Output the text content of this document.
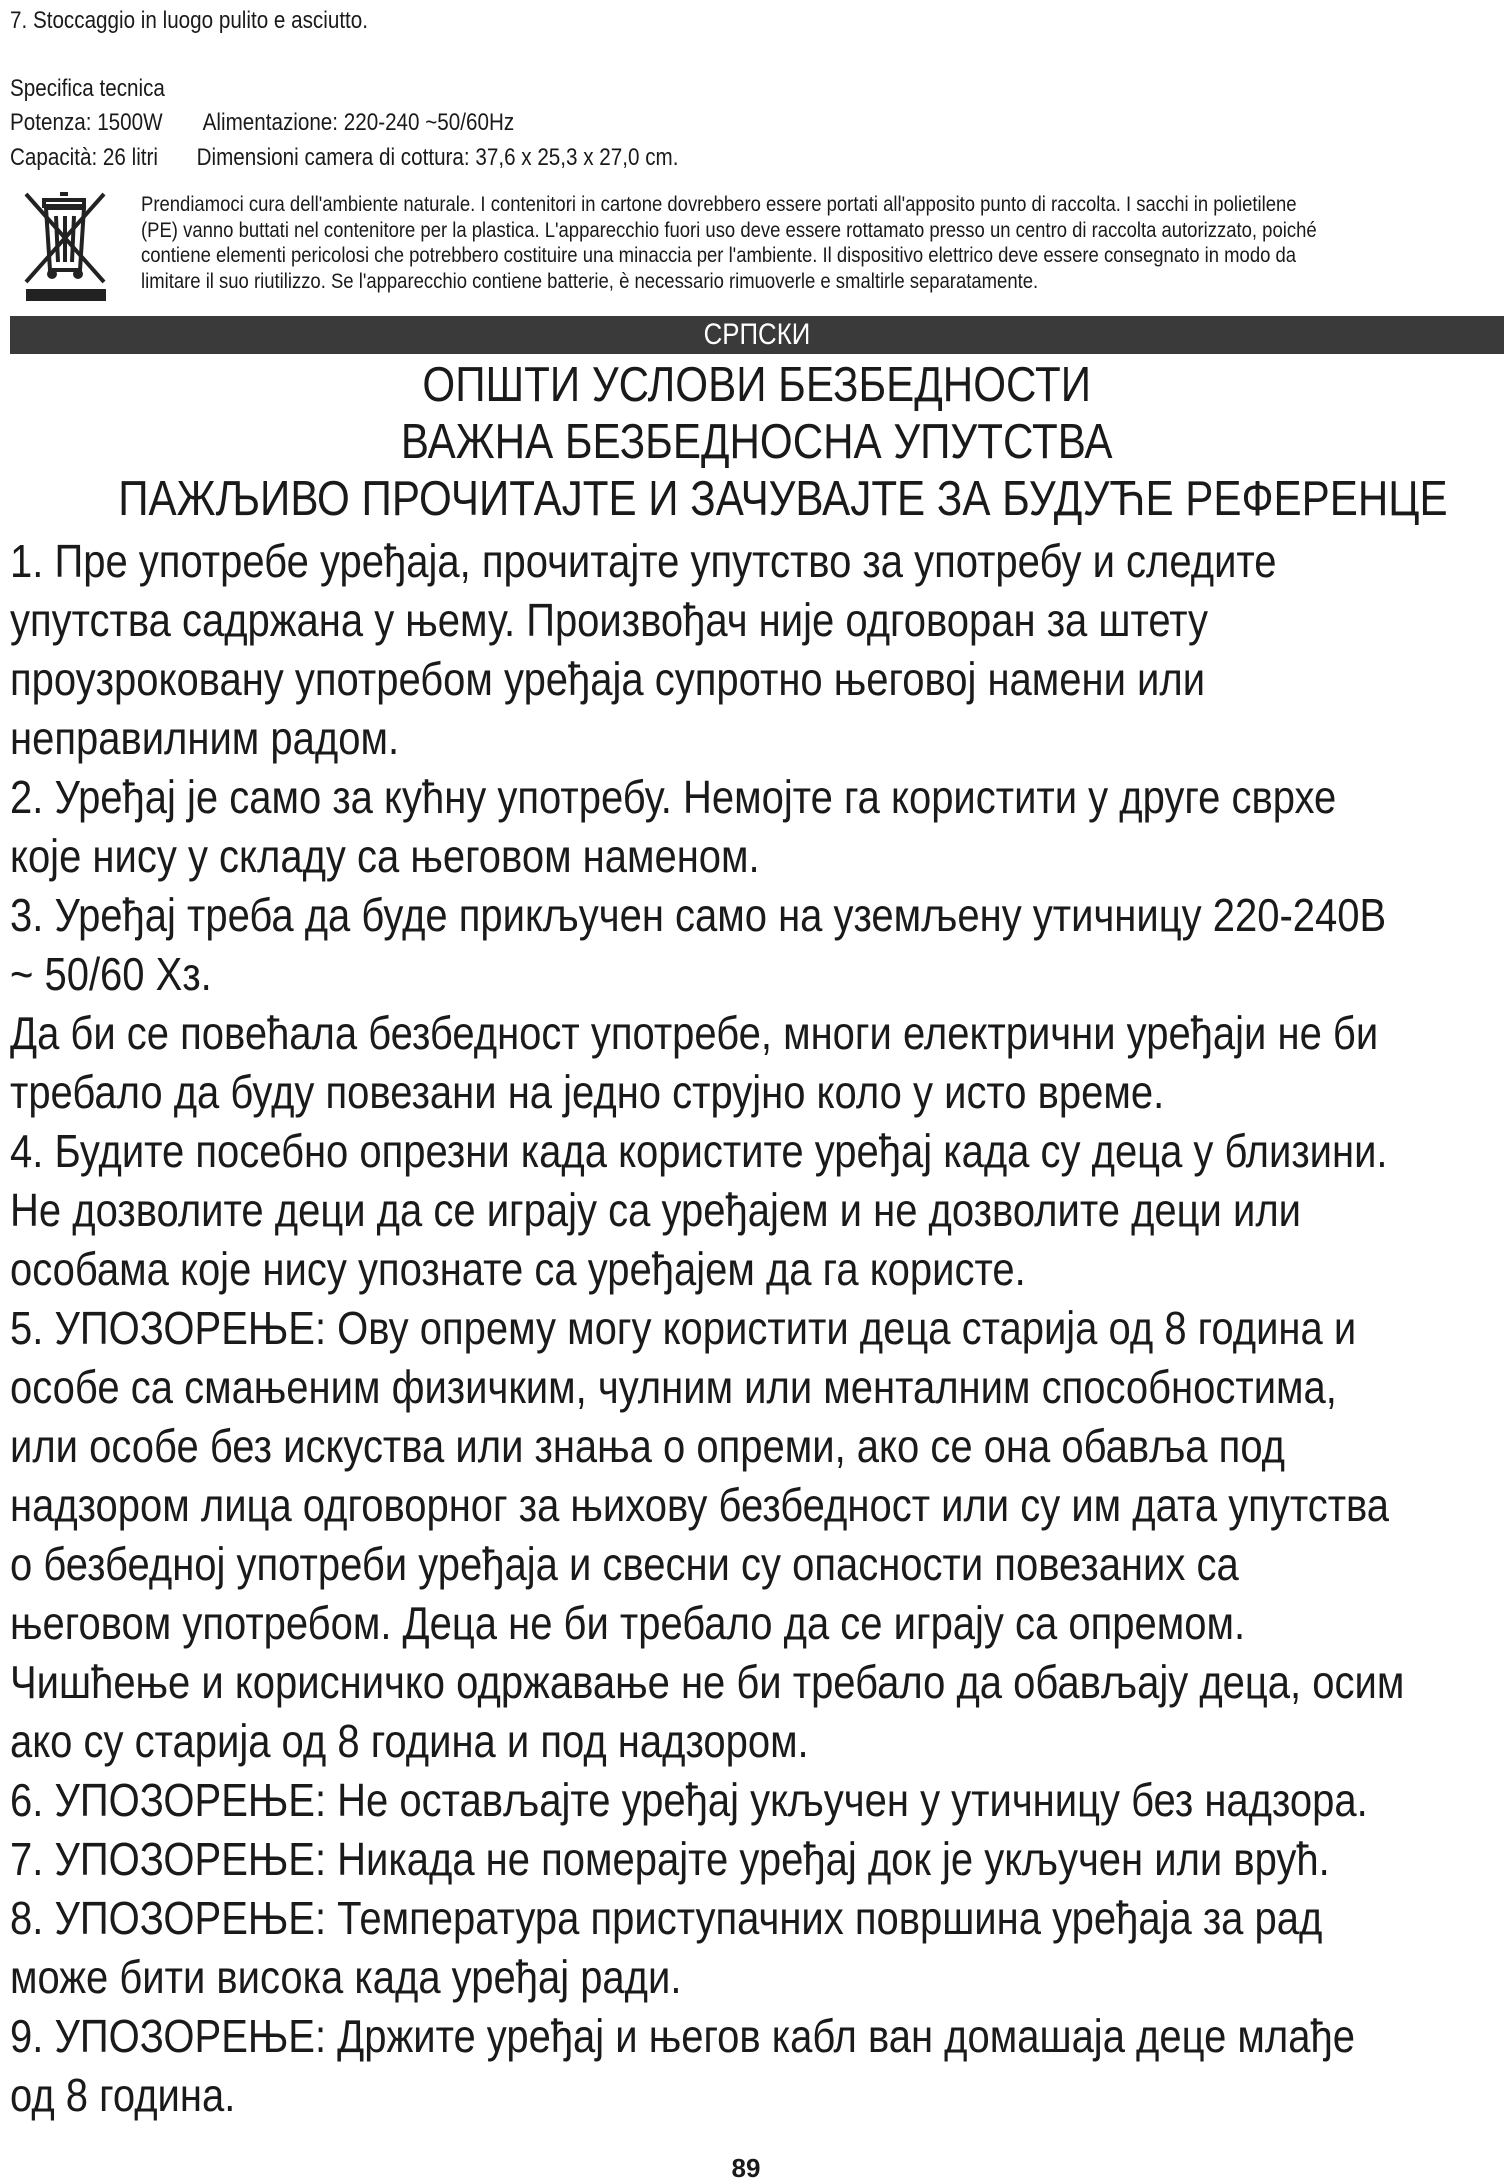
7. Stoccaggio in luogo pulito e asciutto.
Specifica tecnica
Potenza: 1500W Alimentazione: 220-240 ~50/60Hz
Capacità: 26 litri Dimensioni camera di cottura: 37,6 x 25,3 x 27,0 cm.
Prendiamoci cura dell'ambiente naturale. I contenitori in cartone dovrebbero essere portati all'apposito punto di raccolta. I sacchi in polietilene
(PE) vanno buttati nel contenitore per la plastica. L'apparecchio fuori uso deve essere rottamato presso un centro di raccolta autorizzato, poiché
contiene elementi pericolosi che potrebbero costituire una minaccia per l'ambiente. Il dispositivo elettrico deve essere consegnato in modo da
limitare il suo riutilizzo. Se l'apparecchio contiene batterie, è necessario rimuoverle e smaltirle separatamente.
СРПСКИ
ОПШТИ УСЛОВИ БЕЗБЕДНОСТИ
ВАЖНА БЕЗБЕДНОСНА УПУТСТВА
ПАЖЉИВО ПРОЧИТАЈТЕ И ЗАЧУВАЈТЕ ЗА БУДУЋЕ РЕФЕРЕНЦЕ
1. Пре употребе уређаја, прочитајте упутство за употребу и следите
упутства садржана у њему. Произвођач није одговоран за штету
проузроковану употребом уређаја супротно његовој намени или
неправилним радом.
2. Уређај је само за кућну употребу. Немојте га користити у друге сврхе
које нису у складу са његовом наменом.
3. Уређај треба да буде прикључен само на уземљену утичницу 220-240В
~ 50/60 Хз.
Да би се повећала безбедност употребе, многи електрични уређаји не би
требало да буду повезани на једно струјно коло у исто време.
4. Будите посебно опрезни када користите уређај када су деца у близини.
Не дозволите деци да се играју са уређајем и не дозволите деци или
особама које нису упознате са уређајем да га користе.
5. УПОЗОРЕЊЕ: Ову опрему могу користити деца старија од 8 година и
особе са смањеним физичким, чулним или менталним способностима,
или особе без искуства или знања о опреми, ако се она обавља под
надзором лица одговорног за њихову безбедност или су им дата упутства
о безбедној употреби уређаја и свесни су опасности повезаних са
његовом употребом. Деца не би требало да се играју са опремом.
Чишћење и корисничко одржавање не би требало да обављају деца, осим
ако су старија од 8 година и под надзором.
6. УПОЗОРЕЊЕ: Не остављајте уређај укључен у утичницу без надзора.
7. УПОЗОРЕЊЕ: Никада не померајте уређај док је укључен или врућ.
8. УПОЗОРЕЊЕ: Температура приступачних површина уређаја за рад
може бити висока када уређај ради.
9. УПОЗОРЕЊЕ: Држите уређај и његов кабл ван домашаја деце млађе
од 8 година.
89
